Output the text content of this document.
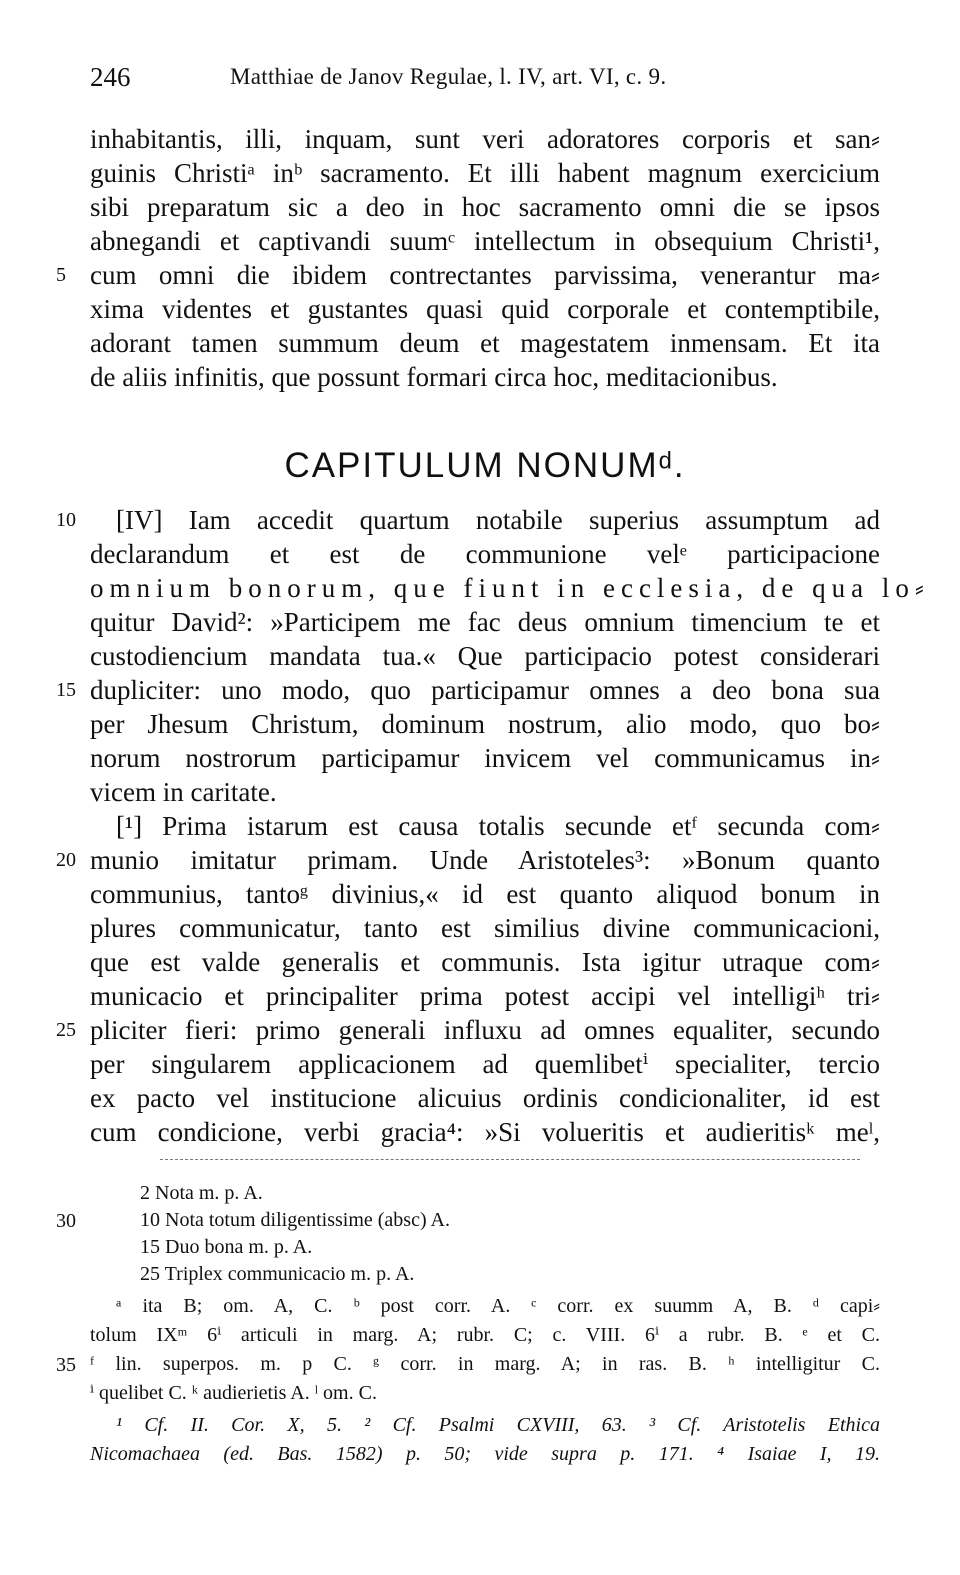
246	Matthiae de Janov Regulae, l. IV, art. VI, c. 9.
inhabitantis, illi, inquam, sunt veri adoratores corporis et san⸗
guinis Christiᵃ inᵇ sacramento. Et illi habent magnum exercicium
sibi preparatum sic a deo in hoc sacramento omni die se ipsos
abnegandi et captivandi suumᶜ intellectum in obsequium Christi¹,
cum omni die ibidem contrectantes parvissima, venerantur ma⸗
xima videntes et gustantes quasi quid corporale et contemptibile,
adorant tamen summum deum et magestatem inmensam. Et ita
de aliis infinitis, que possunt formari circa hoc, meditacionibus.
CAPITULUM NONUMᵈ.
[IV] Iam accedit quartum notabile superius assumptum ad
declarandum et est de communione velᵉ participacione
omnium bonorum, que fiunt in ecclesia, de qua lo⸗
quitur David²: »Participem me fac deus omnium timencium te et
custodiencium mandata tua.« Que participacio potest considerari
dupliciter: uno modo, quo participamur omnes a deo bona sua
per Jhesum Christum, dominum nostrum, alio modo, quo bo⸗
norum nostrorum participamur invicem vel communicamus in⸗
vicem in caritate.
[¹] Prima istarum est causa totalis secunde etᶠ secunda com⸗
munio imitatur primam. Unde Aristoteles³: »Bonum quanto
communius, tantoᵍ divinius,« id est quanto aliquod bonum in
plures communicatur, tanto est similius divine communicacioni,
que est valde generalis et communis. Ista igitur utraque com⸗
municacio et principaliter prima potest accipi vel intelligiʰ tri⸗
pliciter fieri: primo generali influxu ad omnes equaliter, secundo
per singularem applicacionem ad quemlibetⁱ specialiter, tercio
ex pacto vel institucione alicuius ordinis condicionaliter, id est
cum condicione, verbi gracia⁴: »Si volueritis et audieritisᵏ meˡ,
5
10
15
20
25
30
35
2 Nota m. p. A.
10 Nota totum diligentissime (absc) A.
15 Duo bona m. p. A.
25 Triplex communicacio m. p. A.
ᵃ ita B; om. A, C. ᵇ post corr. A. ᶜ corr. ex suumm A, B. ᵈ capi⸗
tolum IXᵐ 6ⁱ articuli in marg. A; rubr. C; c. VIII. 6ⁱ a rubr. B. ᵉ et C.
ᶠ lin. superpos. m. p C. ᵍ corr. in marg. A; in ras. B. ʰ intelligitur C.
ⁱ quelibet C. ᵏ audierietis A. ˡ om. C.
¹ Cf. II. Cor. X, 5. ² Cf. Psalmi CXVIII, 63. ³ Cf. Aristotelis Ethica
Nicomachaea (ed. Bas. 1582) p. 50; vide supra p. 171. ⁴ Isaiae I, 19.
